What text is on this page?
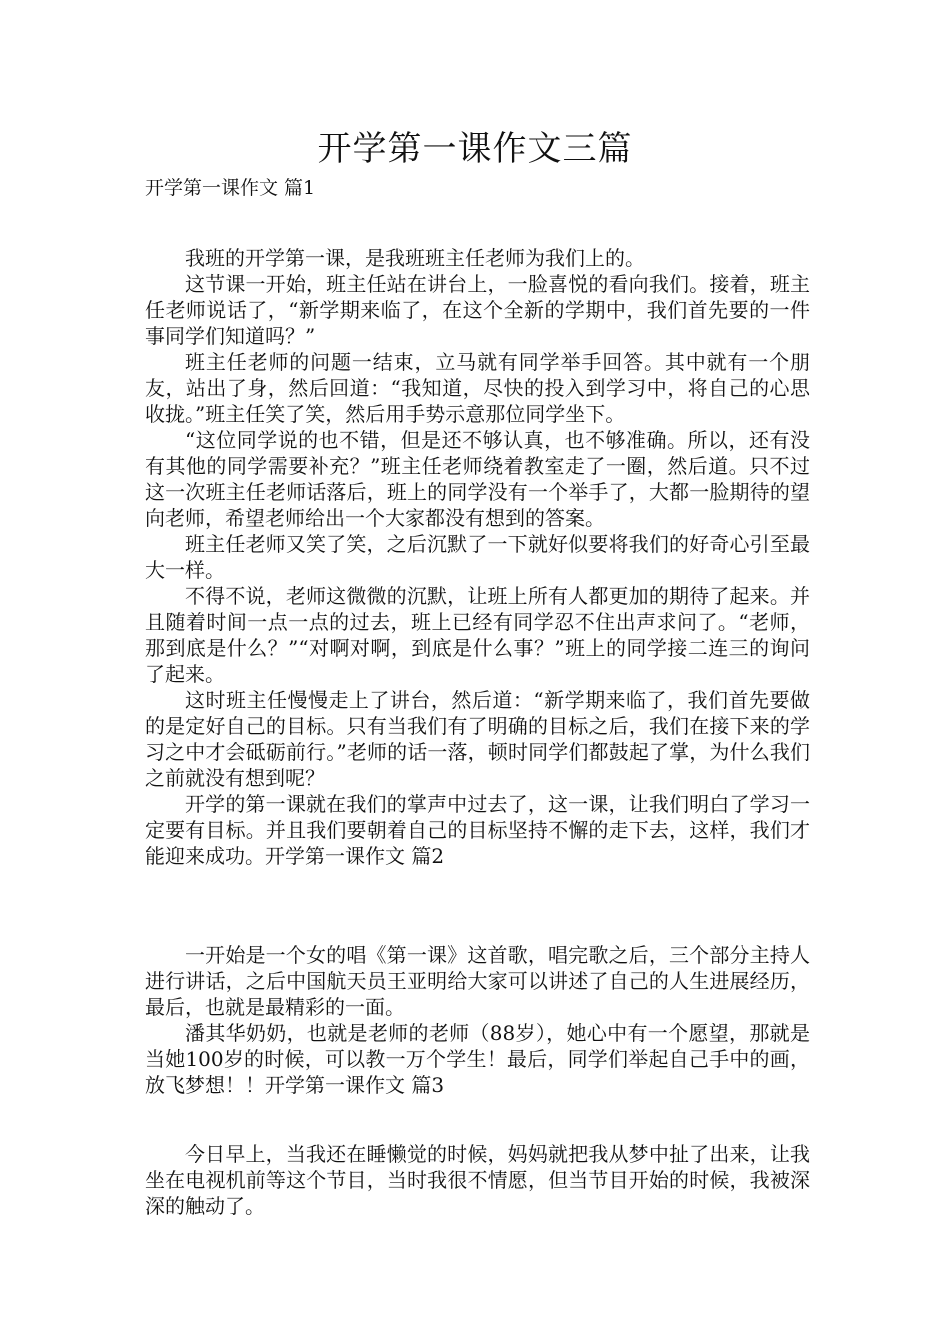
开学第一课作文三篇
开学第一课作文 篇1

我班的开学第一课，是我班班主任老师为我们上的。

这节课一开始，班主任站在讲台上，一脸喜悦的看向我们。接着，班主任老师说话了，“新学期来临了，在这个全新的学期中，我们首先要的一件事同学们知道吗？”

班主任老师的问题一结束，立马就有同学举手回答。其中就有一个朋友，站出了身，然后回道：“我知道，尽快的投入到学习中，将自己的心思收拢。”班主任笑了笑，然后用手势示意那位同学坐下。

“这位同学说的也不错，但是还不够认真，也不够准确。所以，还有没有其他的同学需要补充？”班主任老师绕着教室走了一圈，然后道。只不过这一次班主任老师话落后，班上的同学没有一个举手了，大都一脸期待的望向老师，希望老师给出一个大家都没有想到的答案。

班主任老师又笑了笑，之后沉默了一下就好似要将我们的好奇心引至最大一样。

不得不说，老师这微微的沉默，让班上所有人都更加的期待了起来。并且随着时间一点一点的过去，班上已经有同学忍不住出声求问了。“老师，那到底是什么？”“对啊对啊，到底是什么事？”班上的同学接二连三的询问了起来。

这时班主任慢慢走上了讲台，然后道：“新学期来临了，我们首先要做的是定好自己的目标。只有当我们有了明确的目标之后，我们在接下来的学习之中才会砥砺前行。”老师的话一落，顿时同学们都鼓起了掌，为什么我们之前就没有想到呢？

开学的第一课就在我们的掌声中过去了，这一课，让我们明白了学习一定要有目标。并且我们要朝着自己的目标坚持不懈的走下去，这样，我们才能迎来成功。开学第一课作文 篇2

一开始是一个女的唱《第一课》这首歌，唱完歌之后，三个部分主持人进行讲话，之后中国航天员王亚明给大家可以讲述了自己的人生进展经历，最后，也就是最精彩的一面。

潘其华奶奶，也就是老师的老师（88岁），她心中有一个愿望，那就是当她100岁的时候，可以教一万个学生！最后，同学们举起自己手中的画，放飞梦想！！开学第一课作文 篇3

今日早上，当我还在睡懒觉的时候，妈妈就把我从梦中扯了出来，让我坐在电视机前等这个节目，当时我很不情愿，但当节目开始的时候，我被深深的触动了。
